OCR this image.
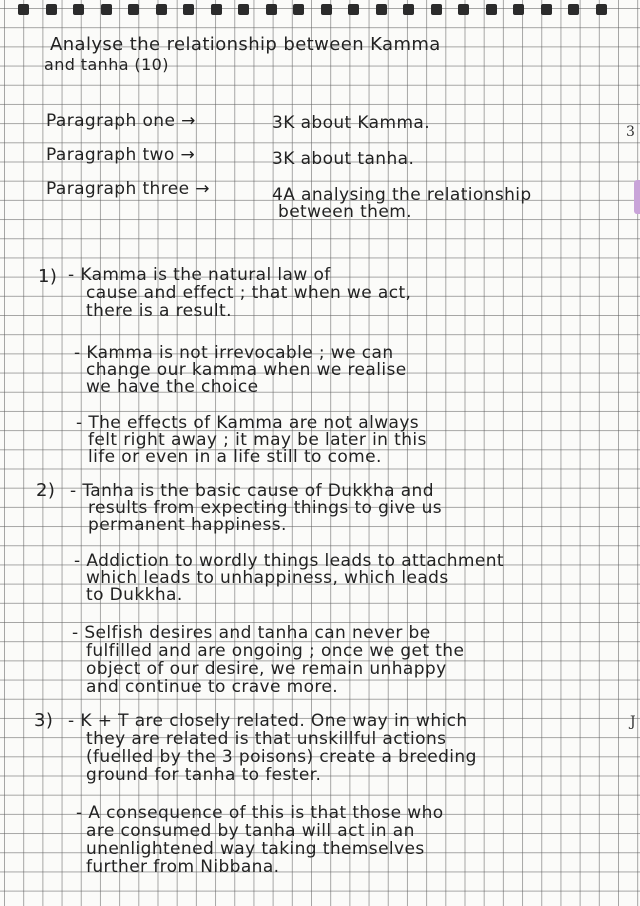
Analyse the relationship between Kamma
and tanha (10)
Paragraph one →	3K about Kamma.
Paragraph two →	3K about tanha.
Paragraph three →	4A analysing the relationship
between them.
1) - Kamma is the natural law of
cause and effect ; that when we act,
there is a result.
- Kamma is not irrevocable ; we can
change our kamma when we realise
we have the choice
- The effects of Kamma are not always
felt right away ; it may be later in this
life or even in a life still to come.
2) - Tanha is the basic cause of Dukkha and
results from expecting things to give us
permanent happiness.
- Addiction to wordly things leads to attachment
which leads to unhappiness, which leads
to Dukkha.
- Selfish desires and tanha can never be
fulfilled and are ongoing ; once we get the
object of our desire, we remain unhappy
and continue to crave more.
3) - K + T are closely related. One way in which
they are related is that unskillful actions
(fuelled by the 3 poisons) create a breeding
ground for tanha to fester.
- A consequence of this is that those who
are consumed by tanha will act in an
unenlightened way taking themselves
further from Nibbana.
3
J
